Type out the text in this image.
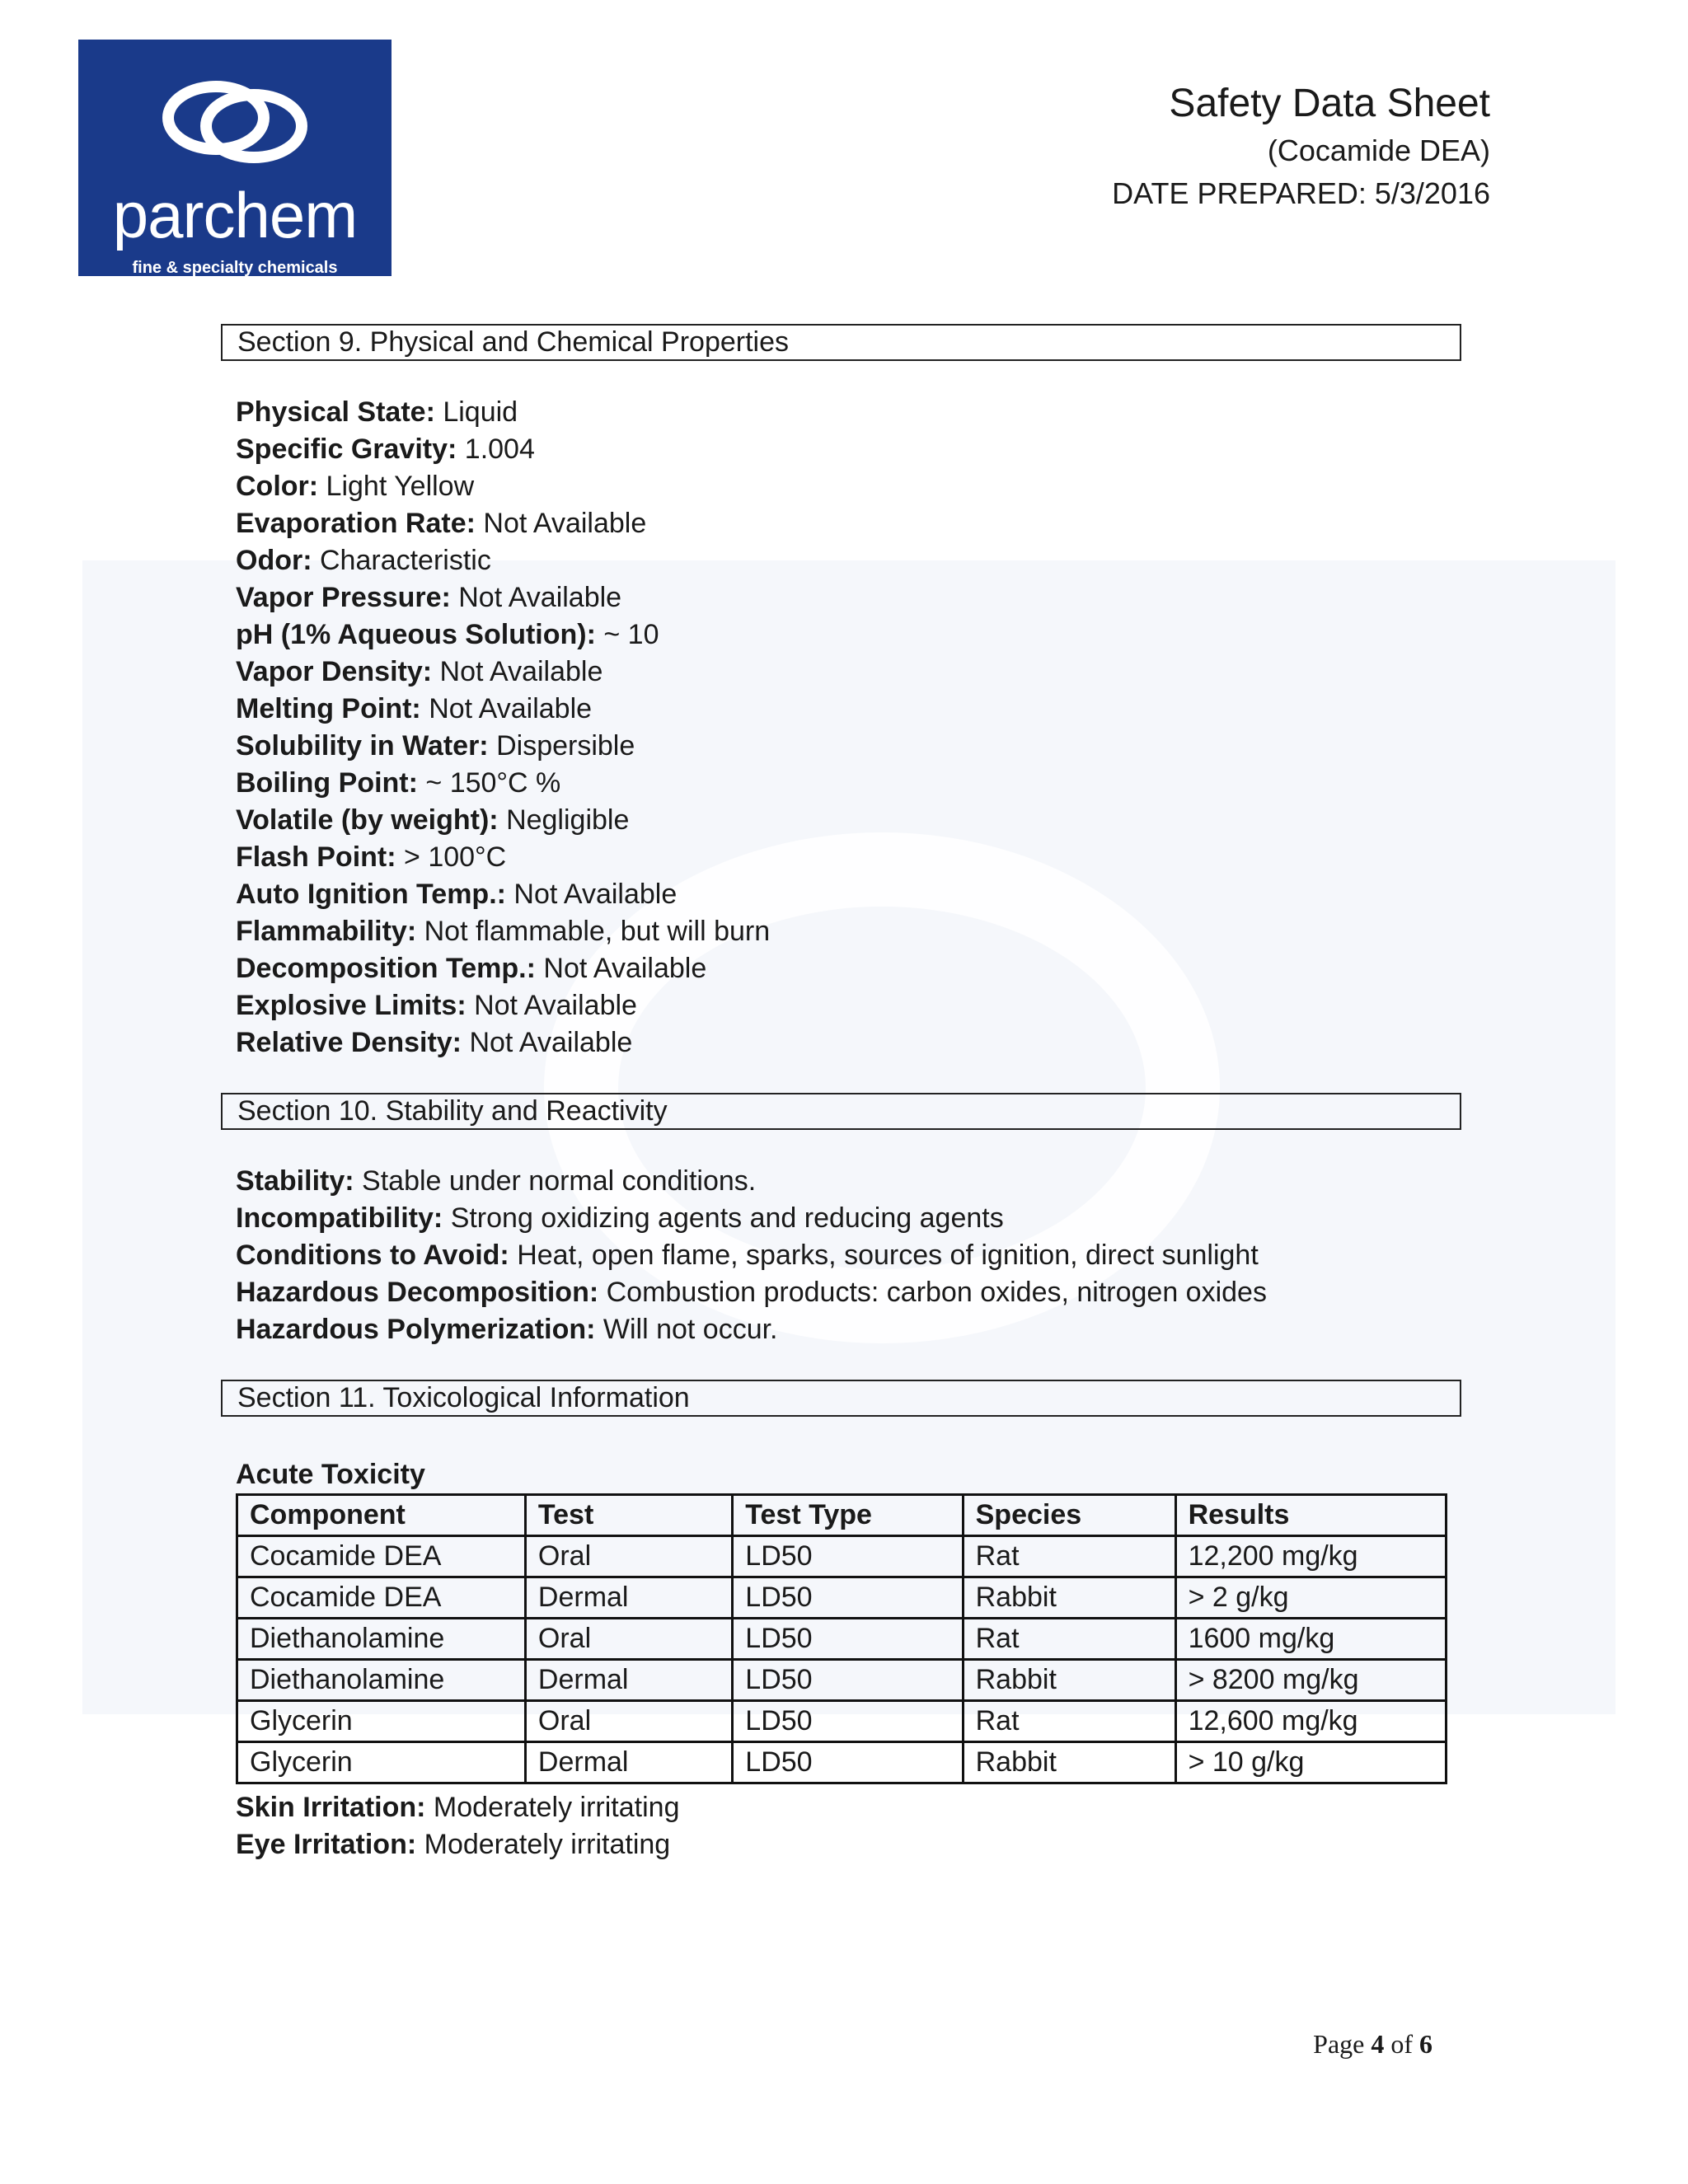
parchem
fine & specialty chemicals
Safety Data Sheet
(Cocamide DEA)
DATE PREPARED: 5/3/2016
Section 9. Physical and Chemical Properties
Physical State: Liquid
Specific Gravity: 1.004
Color: Light Yellow
Evaporation Rate: Not Available
Odor: Characteristic
Vapor Pressure: Not Available
pH (1% Aqueous Solution): ~ 10
Vapor Density: Not Available
Melting Point: Not Available
Solubility in Water: Dispersible
Boiling Point: ~ 150°C %
Volatile (by weight): Negligible
Flash Point: > 100°C
Auto Ignition Temp.: Not Available
Flammability: Not flammable, but will burn
Decomposition Temp.: Not Available
Explosive Limits: Not Available
Relative Density: Not Available
Section 10. Stability and Reactivity
Stability: Stable under normal conditions.
Incompatibility: Strong oxidizing agents and reducing agents
Conditions to Avoid: Heat, open flame, sparks, sources of ignition, direct sunlight
Hazardous Decomposition: Combustion products: carbon oxides, nitrogen oxides
Hazardous Polymerization: Will not occur.
Section 11. Toxicological Information
Acute Toxicity
Component	Test	Test Type	Species	Results
Cocamide DEA	Oral	LD50	Rat	12,200 mg/kg
Cocamide DEA	Dermal	LD50	Rabbit	> 2 g/kg
Diethanolamine	Oral	LD50	Rat	1600 mg/kg
Diethanolamine	Dermal	LD50	Rabbit	> 8200 mg/kg
Glycerin	Oral	LD50	Rat	12,600 mg/kg
Glycerin	Dermal	LD50	Rabbit	> 10 g/kg
Skin Irritation: Moderately irritating
Eye Irritation: Moderately irritating
Page 4 of 6
